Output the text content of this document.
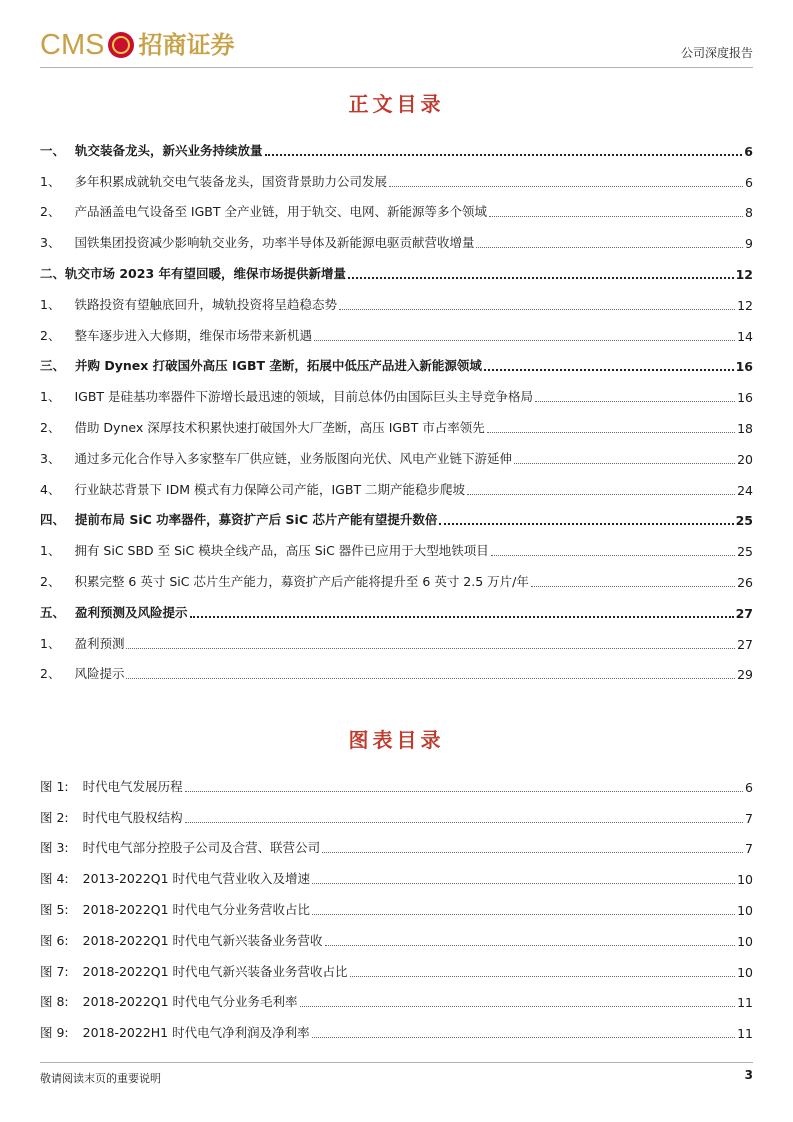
CMS 招商证券	公司深度报告
正文目录
一、 轨交装备龙头，新兴业务持续放量	6
1、	多年积累成就轨交电气装备龙头，国资背景助力公司发展	6
2、	产品涵盖电气设备至 IGBT 全产业链，用于轨交、电网、新能源等多个领域	8
3、	国铁集团投资减少影响轨交业务，功率半导体及新能源电驱贡献营收增量	9
二、轨交市场 2023 年有望回暖，维保市场提供新增量	12
1、	铁路投资有望触底回升，城轨投资将呈趋稳态势	12
2、	整车逐步进入大修期，维保市场带来新机遇	14
三、 并购 Dynex 打破国外高压 IGBT 垄断，拓展中低压产品进入新能源领域	16
1、	IGBT 是硅基功率器件下游增长最迅速的领域，目前总体仍由国际巨头主导竞争格局	16
2、	借助 Dynex 深厚技术积累快速打破国外大厂垄断，高压 IGBT 市占率领先	18
3、	通过多元化合作导入多家整车厂供应链，业务版图向光伏、风电产业链下游延伸	20
4、	行业缺芯背景下 IDM 模式有力保障公司产能，IGBT 二期产能稳步爬坡	24
四、 提前布局 SiC 功率器件，募资扩产后 SiC 芯片产能有望提升数倍	25
1、	拥有 SiC SBD 至 SiC 模块全线产品，高压 SiC 器件已应用于大型地铁项目	25
2、	积累完整 6 英寸 SiC 芯片生产能力，募资扩产后产能将提升至 6 英寸 2.5 万片/年	26
五、 盈利预测及风险提示	27
1、	盈利预测	27
2、	风险提示	29
图表目录
图 1:	时代电气发展历程	6
图 2:	时代电气股权结构	7
图 3:	时代电气部分控股子公司及合营、联营公司	7
图 4:	2013-2022Q1 时代电气营业收入及增速	10
图 5:	2018-2022Q1 时代电气分业务营收占比	10
图 6:	2018-2022Q1 时代电气新兴装备业务营收	10
图 7:	2018-2022Q1 时代电气新兴装备业务营收占比	10
图 8:	2018-2022Q1 时代电气分业务毛利率	11
图 9:	2018-2022H1 时代电气净利润及净利率	11
敬请阅读末页的重要说明	3
